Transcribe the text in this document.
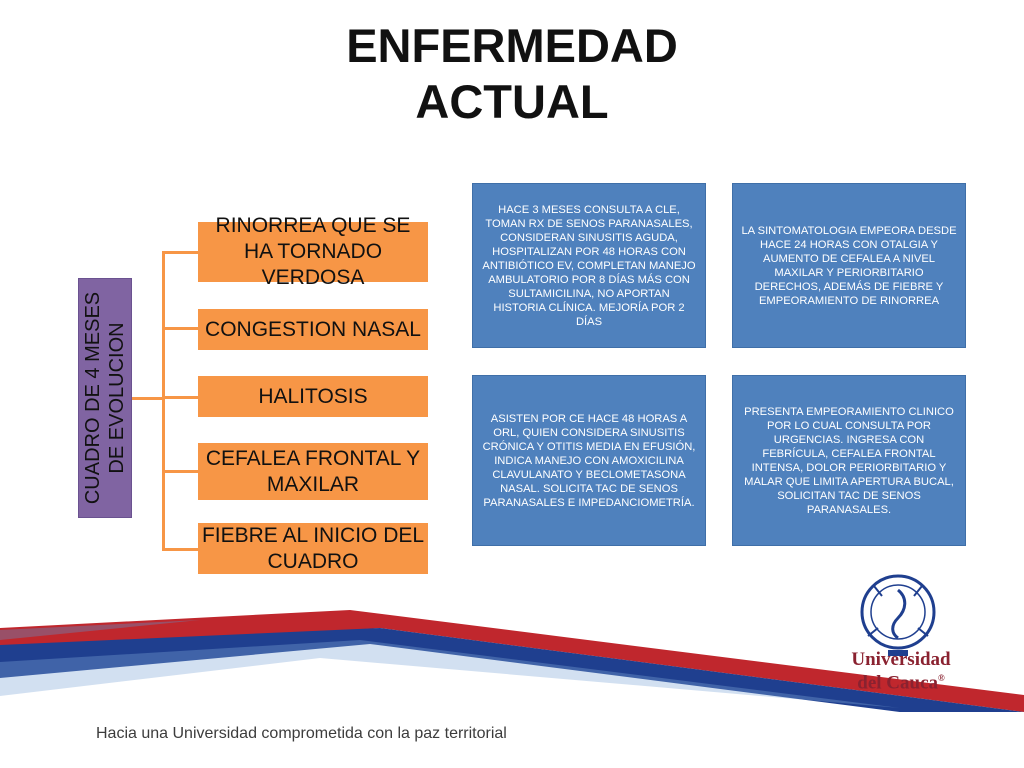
ENFERMEDAD
ACTUAL
CUADRO DE 4 MESES DE EVOLUCION
RINORREA QUE SE HA TORNADO VERDOSA
CONGESTION NASAL
HALITOSIS
CEFALEA FRONTAL Y MAXILAR
FIEBRE AL INICIO DEL CUADRO
HACE 3 MESES CONSULTA A CLE, TOMAN RX DE SENOS PARANASALES, CONSIDERAN SINUSITIS AGUDA, HOSPITALIZAN POR 48 HORAS CON ANTIBIÓTICO EV, COMPLETAN MANEJO AMBULATORIO POR 8 DÍAS MÁS CON SULTAMICILINA, NO APORTAN HISTORIA CLÍNICA. MEJORÍA POR 2 DÍAS
LA SINTOMATOLOGIA EMPEORA DESDE HACE 24 HORAS CON OTALGIA Y AUMENTO DE CEFALEA A NIVEL MAXILAR Y PERIORBITARIO DERECHOS, ADEMÁS DE FIEBRE Y EMPEORAMIENTO DE RINORREA
ASISTEN POR CE HACE 48 HORAS A ORL, QUIEN CONSIDERA SINUSITIS CRÓNICA Y OTITIS MEDIA EN EFUSIÓN, INDICA MANEJO CON AMOXICILINA CLAVULANATO Y BECLOMETASONA NASAL. SOLICITA TAC DE SENOS PARANASALES E IMPEDANCIOMETRÍA.
PRESENTA EMPEORAMIENTO CLINICO POR LO CUAL CONSULTA POR URGENCIAS. INGRESA CON FEBRÍCULA, CEFALEA FRONTAL INTENSA, DOLOR PERIORBITARIO Y MALAR QUE LIMITA APERTURA BUCAL, SOLICITAN TAC DE SENOS PARANASALES.
Universidad
del Cauca®
Hacia una Universidad comprometida con la paz territorial
